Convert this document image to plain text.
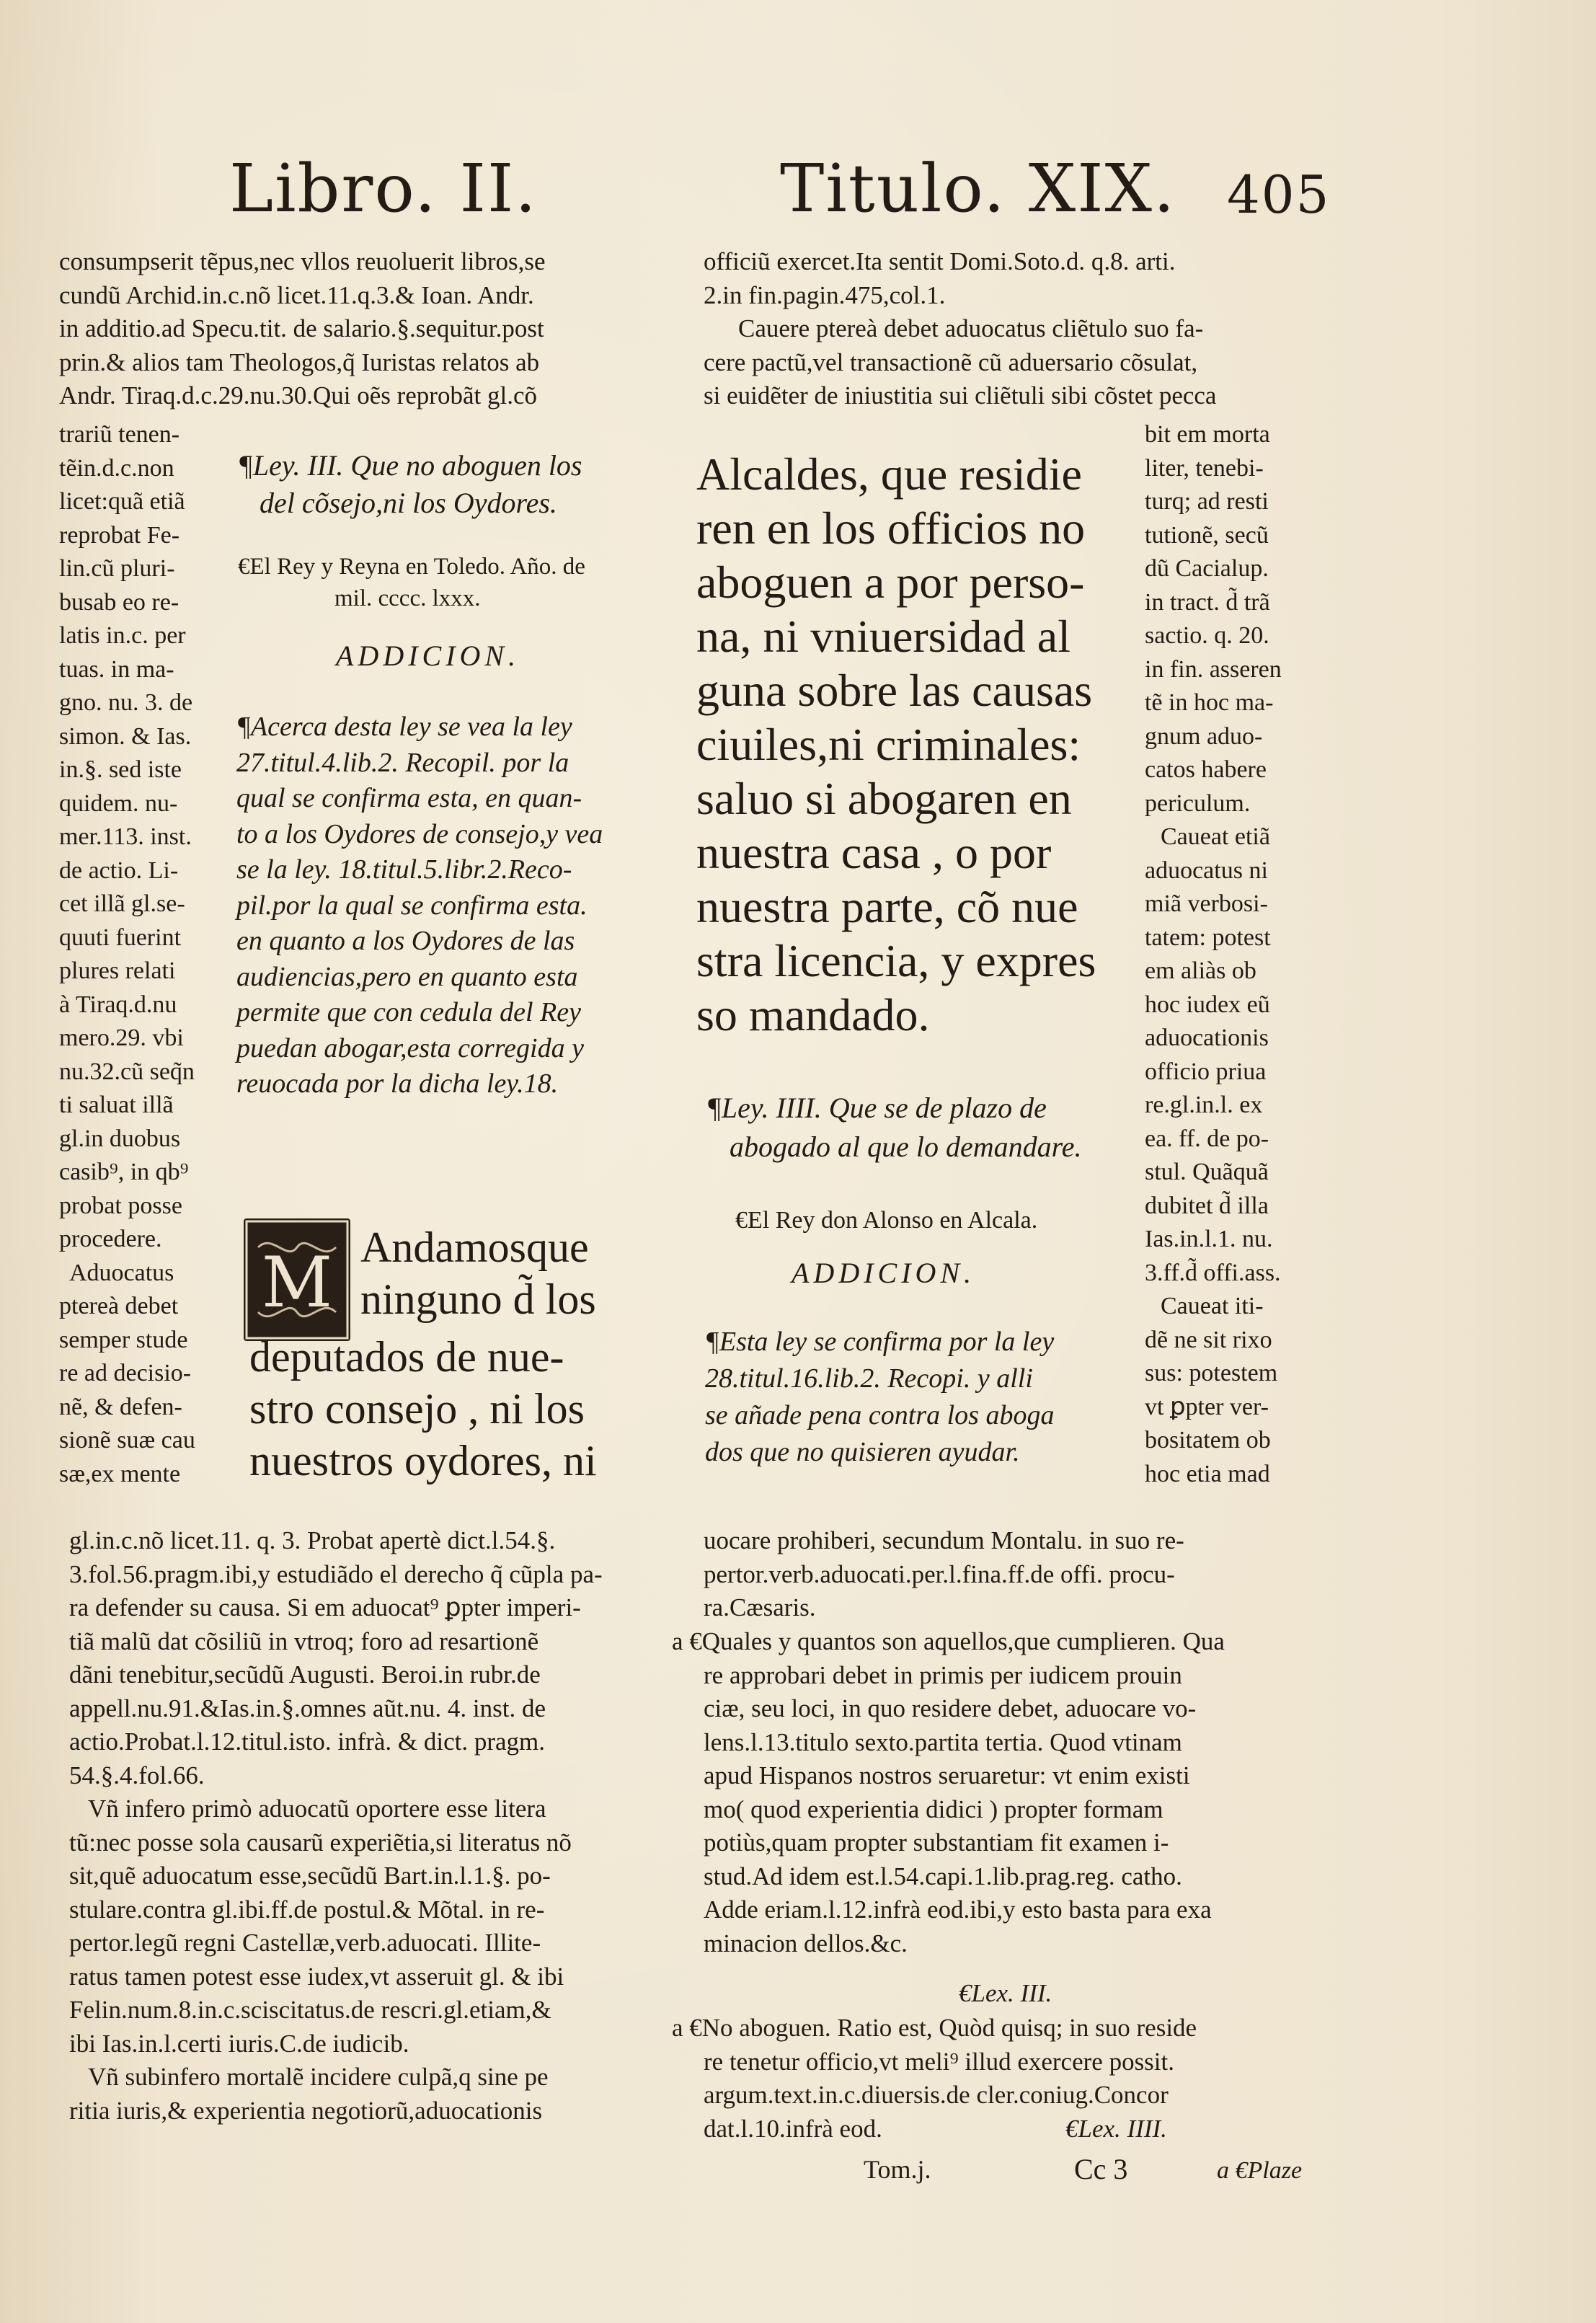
Libro. II.	Titulo. XIX. 405
consumpserit tẽpus,nec vllos reuoluerit libros,se
cundũ Archid.in.c.nõ licet.11.q.3.& Ioan. Andr.
in additio.ad Specu.tit. de salario.§.sequitur.post
prin.& alios tam Theologos,q̃ Iuristas relatos ab
Andr. Tiraq.d.c.29.nu.30.Qui oẽs reprobãt gl.cõ
trariũ tenen-
tẽin.d.c.non
licet:quã etiã
reprobat Fe-
lin.cũ pluri-
busab eo re-
latis in.c. per
tuas. in ma-
gno. nu. 3. de
simon. & Ias.
in.§. sed iste
quidem. nu-
mer.113. inst.
de actio. Li-
cet illã gl.se-
quuti fuerint
plures relati
à Tiraq.d.nu
mero.29. vbi
nu.32.cũ seq̃n
ti saluat illã
gl.in duobus
casib⁹, in qb⁹
probat posse
procedere.
Aduocatus
ptereà debet
semper stude
re ad decisio-
nẽ, & defen-
sionẽ suæ cau
sæ,ex mente
¶Ley. III. Que no aboguen los
del cõsejo,ni los Oydores.
€El Rey y Reyna en Toledo. Año. de
mil. cccc. lxxx.
ADDICION.
¶Acerca desta ley se vea la ley
27.titul.4.lib.2. Recopil. por la
qual se confirma esta, en quan-
to a los Oydores de consejo,y vea
se la ley. 18.titul.5.libr.2.Reco-
pil.por la qual se confirma esta.
en quanto a los Oydores de las
audiencias,pero en quanto esta
permite que con cedula del Rey
puedan abogar,esta corregida y
reuocada por la dicha ley.18.
M Andamosque
ninguno d̃ los
deputados de nue-
stro consejo , ni los
nuestros oydores, ni
gl.in.c.nõ licet.11. q. 3. Probat apertè dict.l.54.§.
3.fol.56.pragm.ibi,y estudiãdo el derecho q̃ cũpla pa-
ra defender su causa. Si em aduocat⁹ ꝑpter imperi-
tiã malũ dat cõsiliũ in vtroq; foro ad resartionẽ
dãni tenebitur,secũdũ Augusti. Beroi.in rubr.de
appell.nu.91.&Ias.in.§.omnes aũt.nu. 4. inst. de
actio.Probat.l.12.titul.isto. infrà. & dict. pragm.
54.§.4.fol.66.
Vñ infero primò aduocatũ oportere esse litera
tũ:nec posse sola causarũ experiẽtia,si literatus nõ
sit,quẽ aduocatum esse,secũdũ Bart.in.l.1.§. po-
stulare.contra gl.ibi.ff.de postul.& Mõtal. in re-
pertor.legũ regni Castellæ,verb.aduocati. Illite-
ratus tamen potest esse iudex,vt asseruit gl. & ibi
Felin.num.8.in.c.sciscitatus.de rescri.gl.etiam,&
ibi Ias.in.l.certi iuris.C.de iudicib.
Vñ subinfero mortalẽ incidere culpã,q sine pe
ritia iuris,& experientia negotiorũ,aduocationis
officiũ exercet.Ita sentit Domi.Soto.d. q.8. arti.
2.in fin.pagin.475,col.1.
Cauere ptereà debet aduocatus cliẽtulo suo fa-
cere pactũ,vel transactionẽ cũ aduersario cõsulat,
si euidẽter de iniustitia sui cliẽtuli sibi cõstet pecca
Alcaldes, que residie
ren en los officios no
aboguen a por perso-
na, ni vniuersidad al
guna sobre las causas
ciuiles,ni criminales:
saluo si abogaren en
nuestra casa , o por
nuestra parte, cõ nue
stra licencia, y expres
so mandado.
bit em morta
liter, tenebi-
turq; ad resti
tutionẽ, secũ
dũ Cacialup.
in tract. d̃ trã
sactio. q. 20.
in fin. asseren
tẽ in hoc ma-
gnum aduo-
catos habere
periculum.
Caueat etiã
aduocatus ni
miã verbosi-
tatem: potest
em aliàs ob
hoc iudex eũ
aduocationis
officio priua
re.gl.in.l. ex
ea. ff. de po-
stul. Quãquã
dubitet d̃ illa
Ias.in.l.1. nu.
3.ff.d̃ offi.ass.
Caueat iti-
dẽ ne sit rixo
sus: potestem
vt ꝑpter ver-
bositatem ob
hoc etia mad
¶Ley. IIII. Que se de plazo de
abogado al que lo demandare.
€El Rey don Alonso en Alcala.
ADDICION.
¶Esta ley se confirma por la ley
28.titul.16.lib.2. Recopi. y alli
se añade pena contra los aboga
dos que no quisieren ayudar.
uocare prohiberi, secundum Montalu. in suo re-
pertor.verb.aduocati.per.l.fina.ff.de offi. procu-
ra.Cæsaris.
a €Quales y quantos son aquellos,que cumplieren. Qua
re approbari debet in primis per iudicem prouin
ciæ, seu loci, in quo residere debet, aduocare vo-
lens.l.13.titulo sexto.partita tertia. Quod vtinam
apud Hispanos nostros seruaretur: vt enim existi
mo( quod experientia didici ) propter formam
potiùs,quam propter substantiam fit examen i-
stud.Ad idem est.l.54.capi.1.lib.prag.reg. catho.
Adde eriam.l.12.infrà eod.ibi,y esto basta para exa
minacion dellos.&c.
€Lex. III.
a €No aboguen. Ratio est, Quòd quisq; in suo reside
re tenetur officio,vt meli⁹ illud exercere possit.
argum.text.in.c.diuersis.de cler.coniug.Concor
dat.l.10.infrà eod.	€Lex. IIII.
Tom.j.	Cc 3	a €Plaze
